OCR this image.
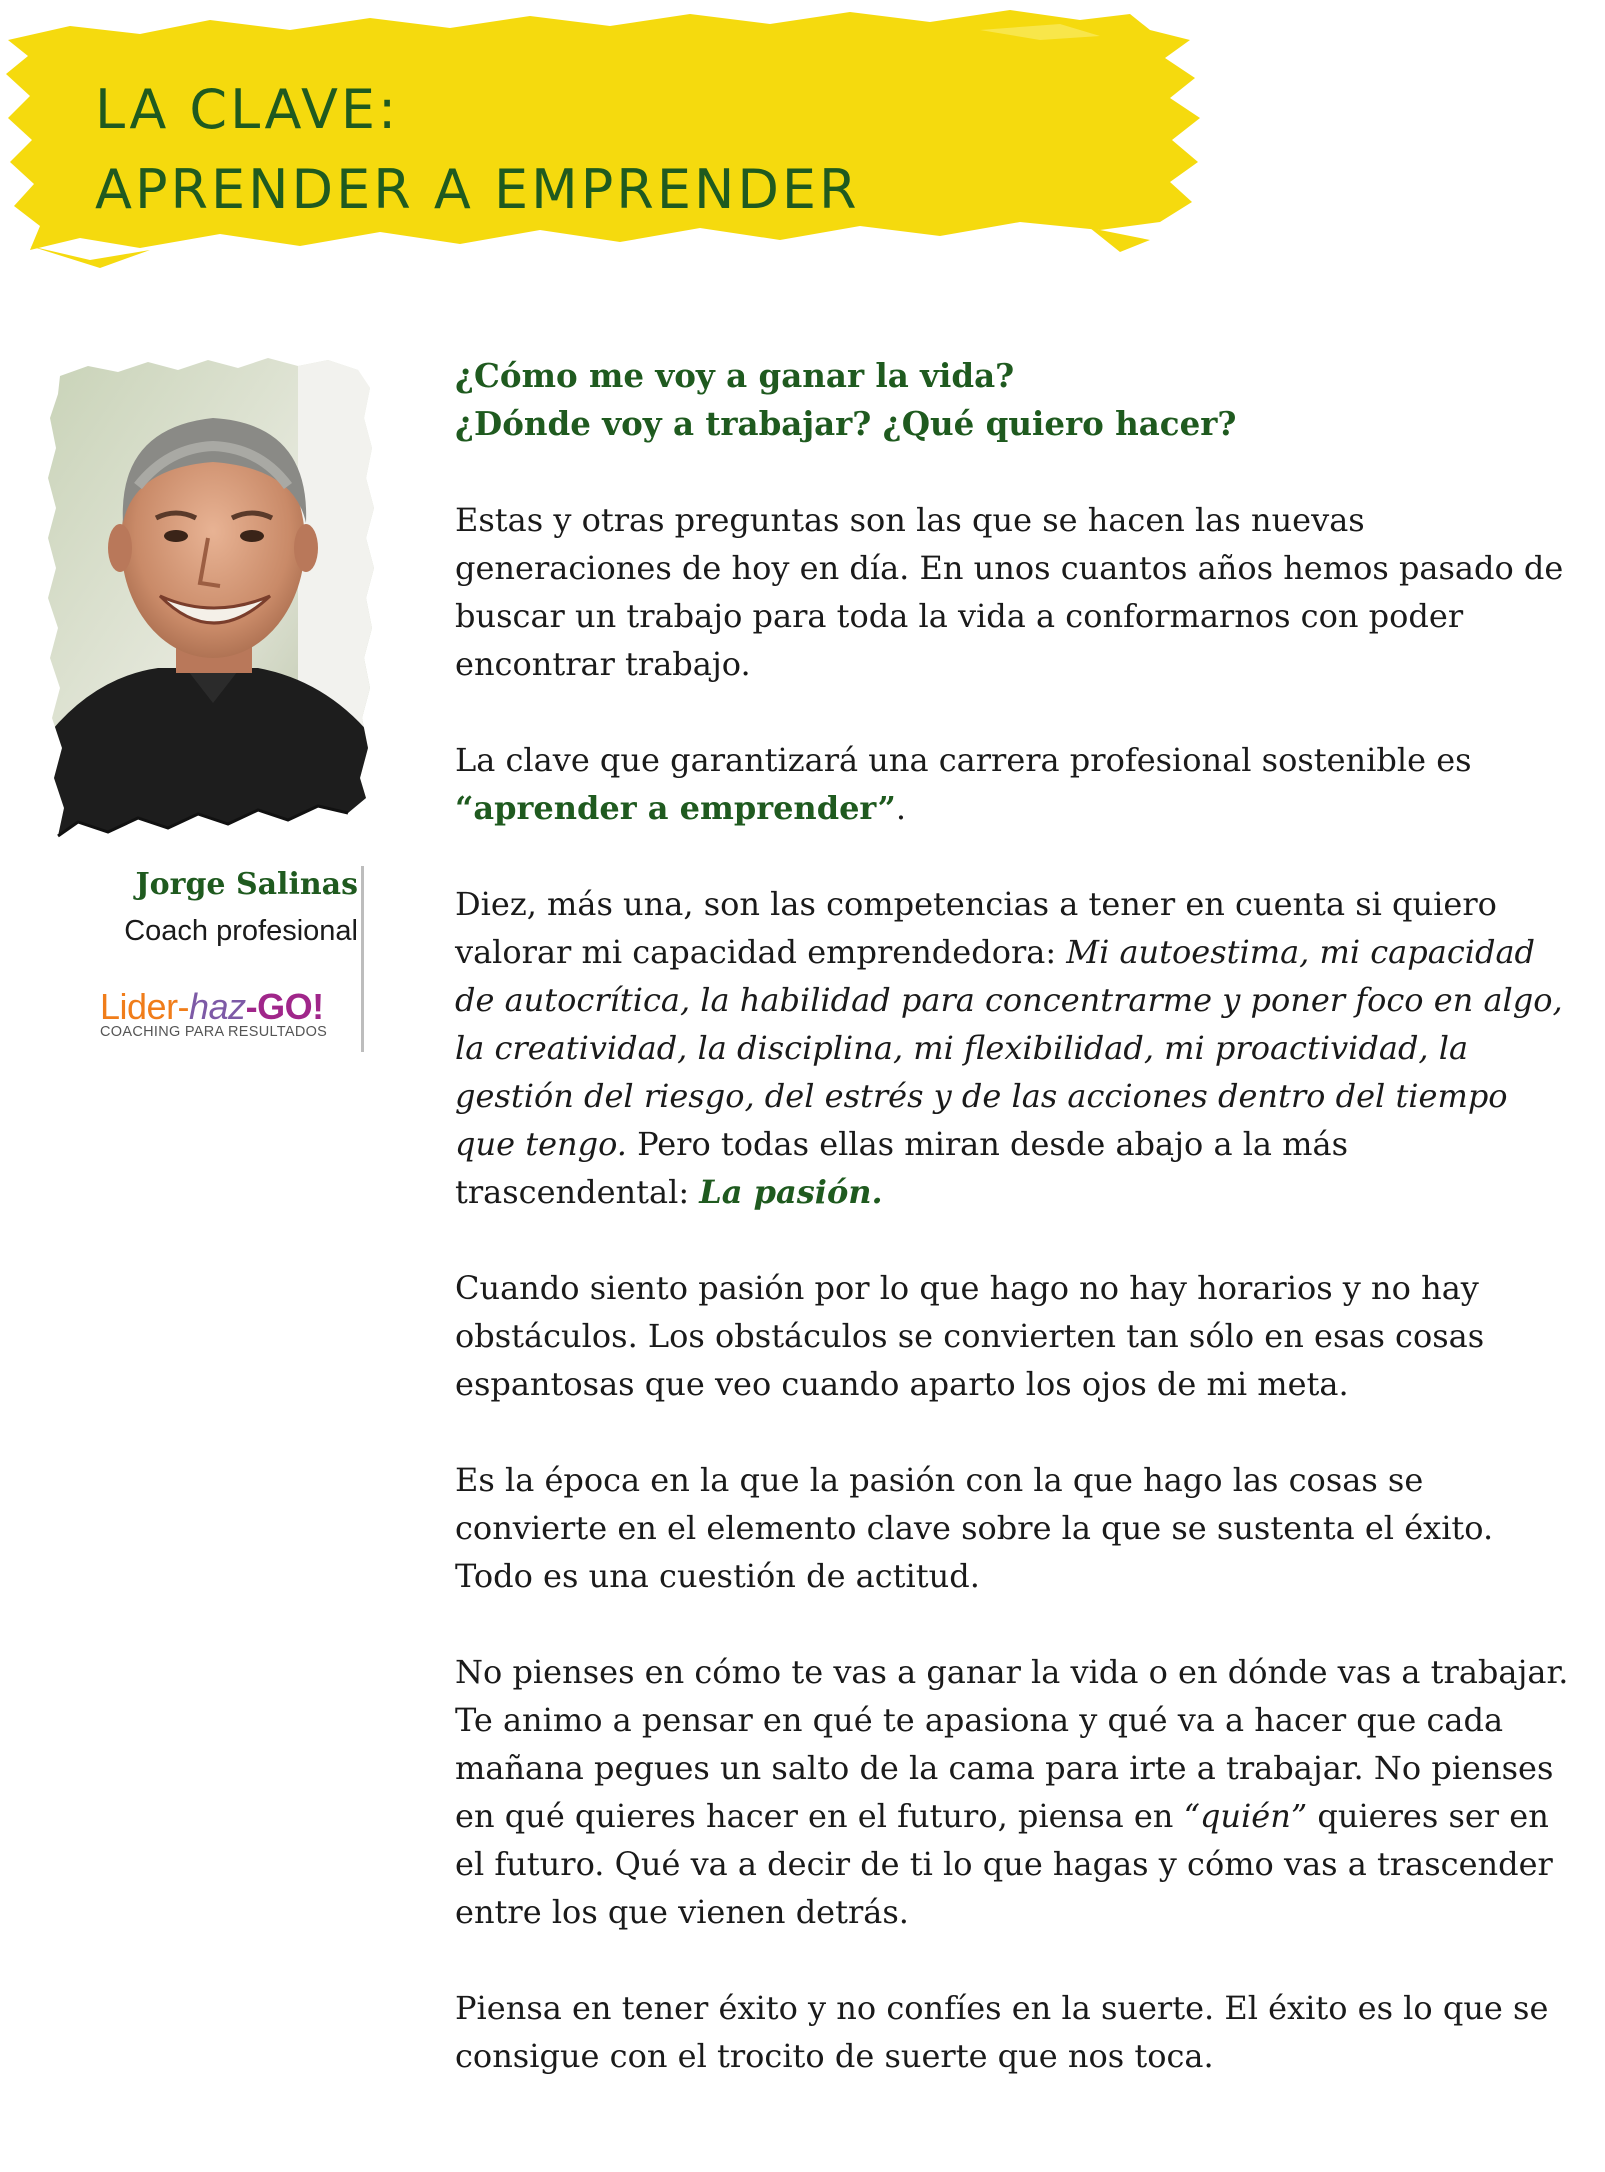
LA CLAVE:
APRENDER A EMPRENDER
Jorge Salinas
Coach profesional
Lider-haz-GO!
COACHING PARA RESULTADOS
¿Cómo me voy a ganar la vida?
¿Dónde voy a trabajar? ¿Qué quiero hacer?

Estas y otras preguntas son las que se hacen las nuevas generaciones de hoy en día. En unos cuantos años hemos pasado de buscar un trabajo para toda la vida a conformarnos con poder encontrar trabajo.

La clave que garantizará una carrera profesional sostenible es “aprender a emprender”.

Diez, más una, son las competencias a tener en cuenta si quiero valorar mi capacidad emprendedora: Mi autoestima, mi capacidad de autocrítica, la habilidad para concentrarme y poner foco en algo, la creatividad, la disciplina, mi flexibilidad, mi proactividad, la gestión del riesgo, del estrés y de las acciones dentro del tiempo que tengo. Pero todas ellas miran desde abajo a la más trascendental: La pasión.

Cuando siento pasión por lo que hago no hay horarios y no hay obstáculos. Los obstáculos se convierten tan sólo en esas cosas espantosas que veo cuando aparto los ojos de mi meta.

Es la época en la que la pasión con la que hago las cosas se convierte en el elemento clave sobre la que se sustenta el éxito. Todo es una cuestión de actitud.

No pienses en cómo te vas a ganar la vida o en dónde vas a trabajar. Te animo a pensar en qué te apasiona y qué va a hacer que cada mañana pegues un salto de la cama para irte a trabajar. No pienses en qué quieres hacer en el futuro, piensa en “quién” quieres ser en el futuro. Qué va a decir de ti lo que hagas y cómo vas a trascender entre los que vienen detrás.

Piensa en tener éxito y no confíes en la suerte. El éxito es lo que se consigue con el trocito de suerte que nos toca.
